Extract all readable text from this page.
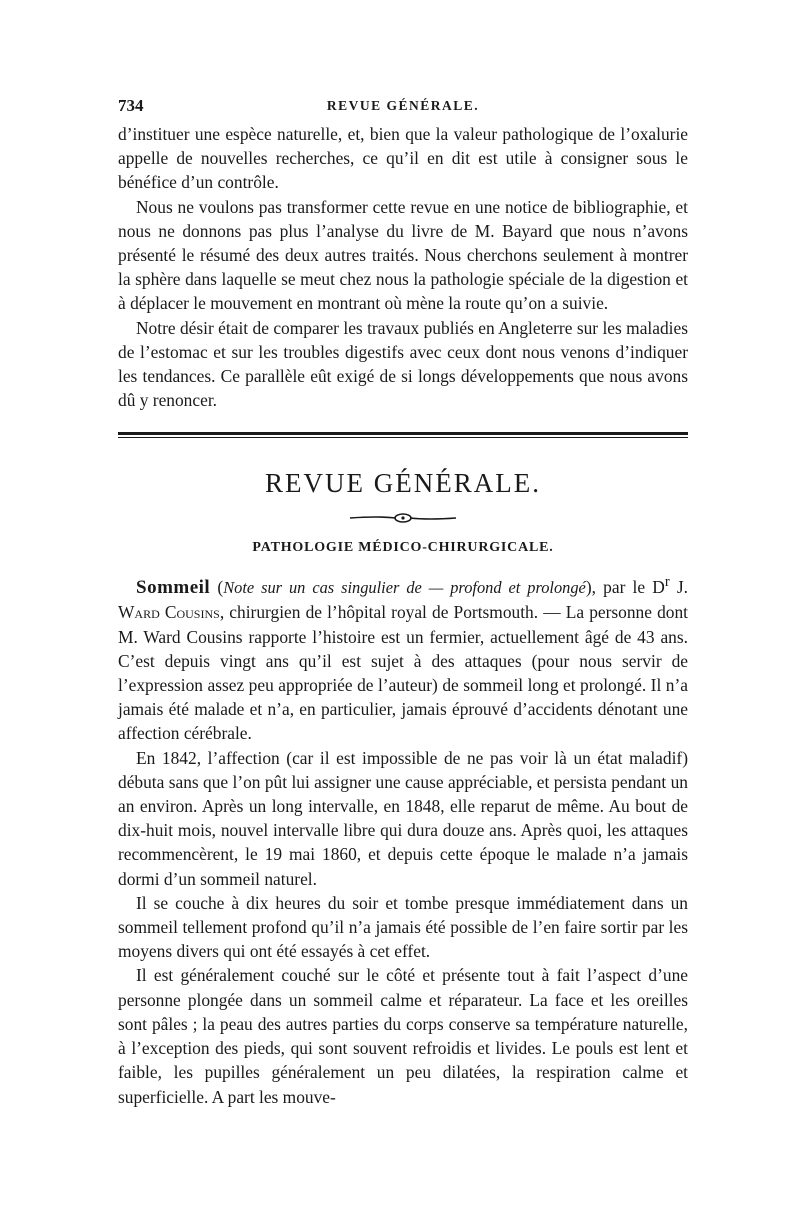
734	REVUE GÉNÉRALE.

d’instituer une espèce naturelle, et, bien que la valeur pathologique de l’oxalurie appelle de nouvelles recherches, ce qu’il en dit est utile à consigner sous le bénéfice d’un contrôle.

Nous ne voulons pas transformer cette revue en une notice de bibliographie, et nous ne donnons pas plus l’analyse du livre de M. Bayard que nous n’avons présenté le résumé des deux autres traités. Nous cherchons seulement à montrer la sphère dans laquelle se meut chez nous la pathologie spéciale de la digestion et à déplacer le mouvement en montrant où mène la route qu’on a suivie.

Notre désir était de comparer les travaux publiés en Angleterre sur les maladies de l’estomac et sur les troubles digestifs avec ceux dont nous venons d’indiquer les tendances. Ce parallèle eût exigé de si longs développements que nous avons dû y renoncer.

REVUE GÉNÉRALE.
PATHOLOGIE MÉDICO-CHIRURGICALE.

Sommeil (Note sur un cas singulier de — profond et prolongé), par le $D^r$ J. Ward Cousins, chirurgien de l’hôpital royal de Portsmouth. — La personne dont M. Ward Cousins rapporte l’histoire est un fermier, actuellement âgé de 43 ans. C’est depuis vingt ans qu’il est sujet à des attaques (pour nous servir de l’expression assez peu appropriée de l’auteur) de sommeil long et prolongé. Il n’a jamais été malade et n’a, en particulier, jamais éprouvé d’accidents dénotant une affection cérébrale.

En 1842, l’affection (car il est impossible de ne pas voir là un état maladif) débuta sans que l’on pût lui assigner une cause appréciable, et persista pendant un an environ. Après un long intervalle, en 1848, elle reparut de même. Au bout de dix-huit mois, nouvel intervalle libre qui dura douze ans. Après quoi, les attaques recommencèrent, le 19 mai 1860, et depuis cette époque le malade n’a jamais dormi d’un sommeil naturel.

Il se couche à dix heures du soir et tombe presque immédiatement dans un sommeil tellement profond qu’il n’a jamais été possible de l’en faire sortir par les moyens divers qui ont été essayés à cet effet.

Il est généralement couché sur le côté et présente tout à fait l’aspect d’une personne plongée dans un sommeil calme et réparateur. La face et les oreilles sont pâles ; la peau des autres parties du corps conserve sa température naturelle, à l’exception des pieds, qui sont souvent refroidis et livides. Le pouls est lent et faible, les pupilles généralement un peu dilatées, la respiration calme et superficielle. A part les mouve-
